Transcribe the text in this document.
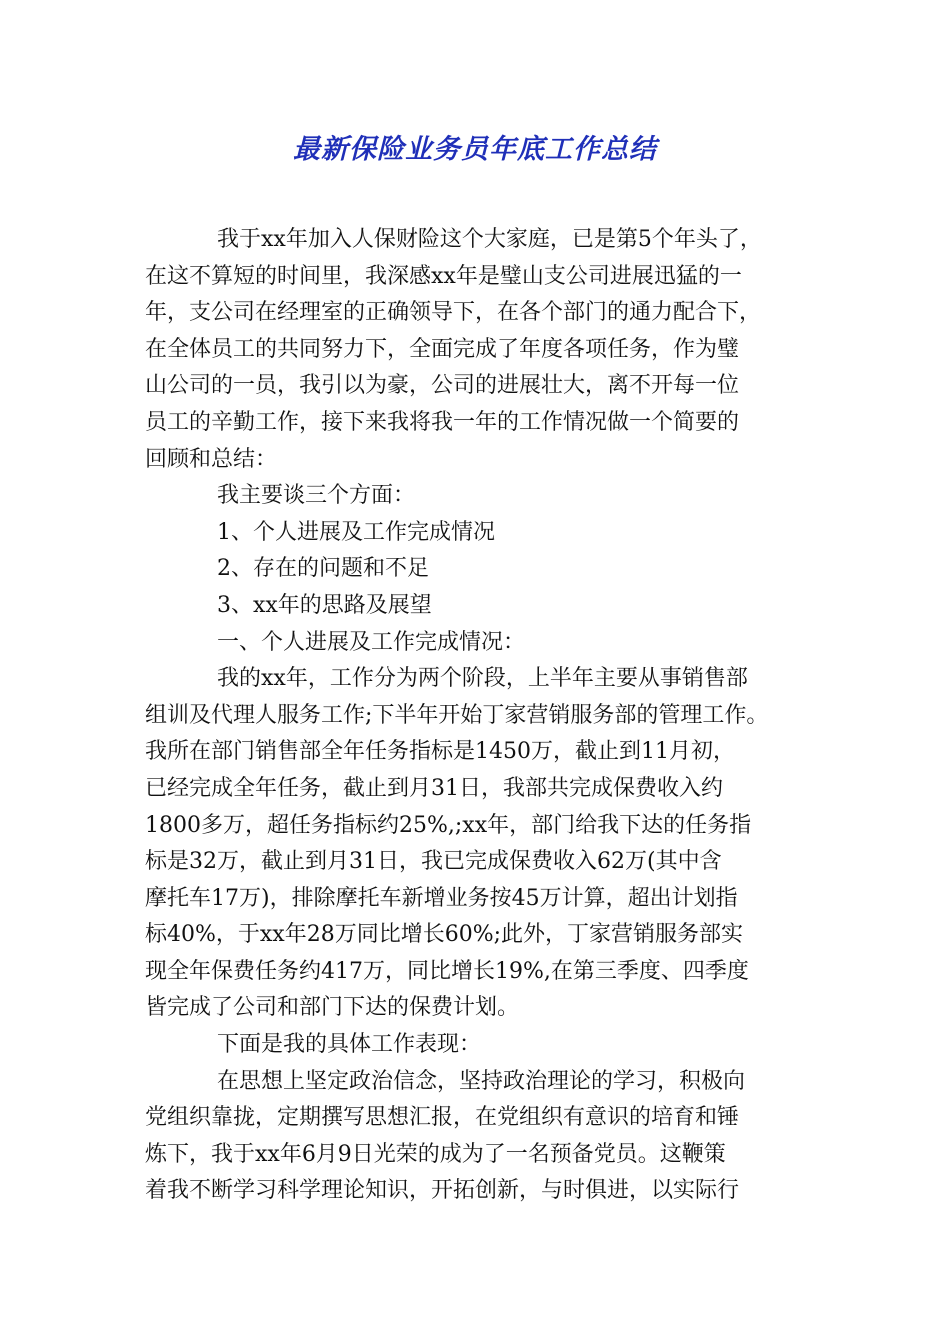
最新保险业务员年底工作总结
我于xx年加入人保财险这个大家庭，已是第5个年头了，
在这不算短的时间里，我深感xx年是璧山支公司进展迅猛的一
年，支公司在经理室的正确领导下，在各个部门的通力配合下，
在全体员工的共同努力下，全面完成了年度各项任务，作为璧
山公司的一员，我引以为豪，公司的进展壮大，离不开每一位
员工的辛勤工作，接下来我将我一年的工作情况做一个简要的
回顾和总结：
我主要谈三个方面：
1、个人进展及工作完成情况
2、存在的问题和不足
3、xx年的思路及展望
一、个人进展及工作完成情况：
我的xx年，工作分为两个阶段，上半年主要从事销售部
组训及代理人服务工作;下半年开始丁家营销服务部的管理工作。
我所在部门销售部全年任务指标是1450万，截止到11月初，
已经完成全年任务，截止到月31日，我部共完成保费收入约
1800多万，超任务指标约25%,;xx年，部门给我下达的任务指
标是32万，截止到月31日，我已完成保费收入62万(其中含
摩托车17万)，排除摩托车新增业务按45万计算，超出计划指
标40%，于xx年28万同比增长60%;此外，丁家营销服务部实
现全年保费任务约417万，同比增长19%,在第三季度、四季度
皆完成了公司和部门下达的保费计划。
下面是我的具体工作表现：
在思想上坚定政治信念，坚持政治理论的学习，积极向
党组织靠拢，定期撰写思想汇报，在党组织有意识的培育和锤
炼下，我于xx年6月9日光荣的成为了一名预备党员。这鞭策
着我不断学习科学理论知识，开拓创新，与时俱进，以实际行
